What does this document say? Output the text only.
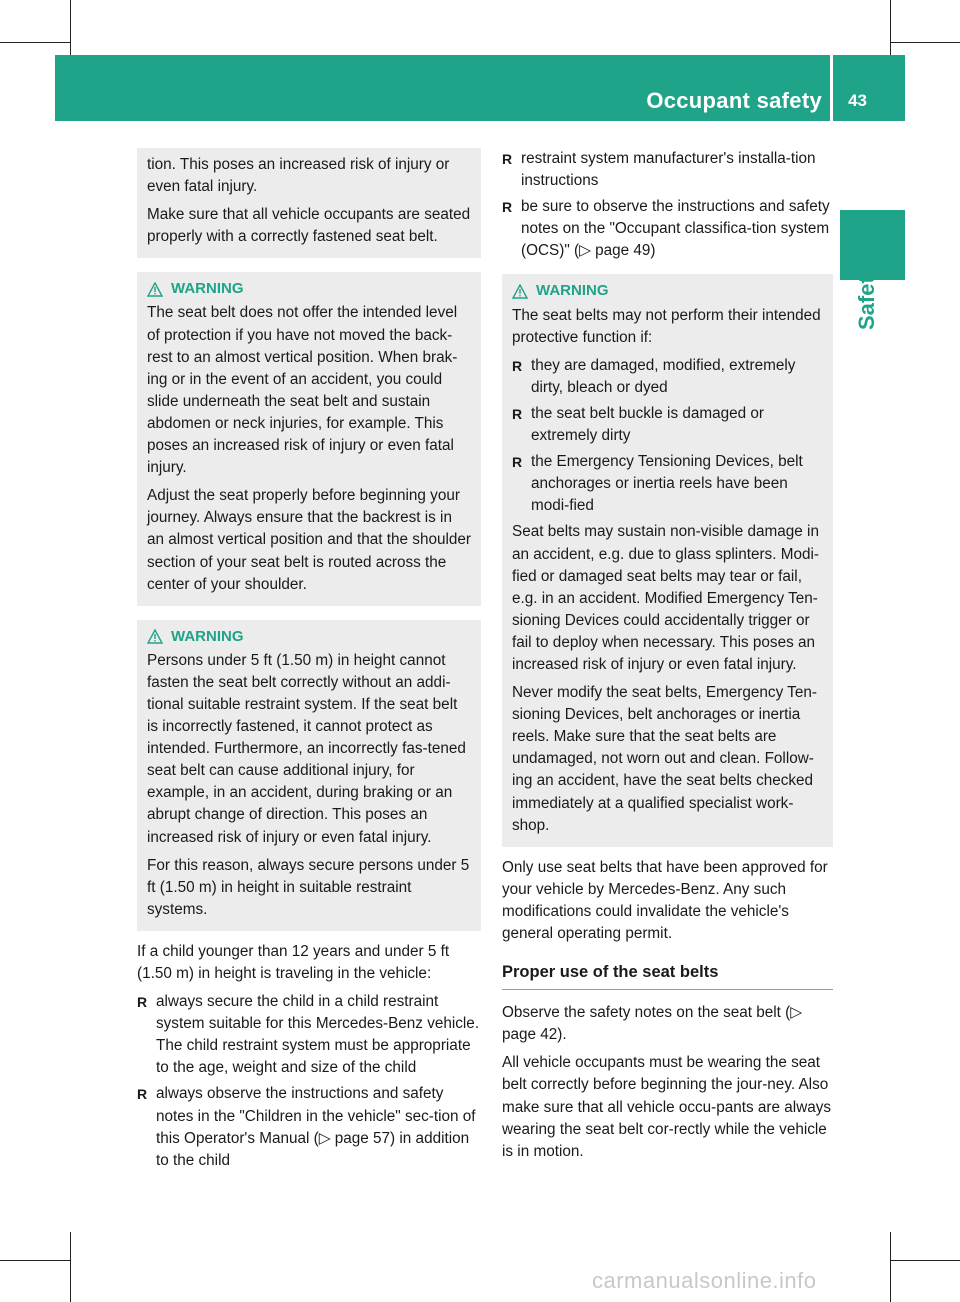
Occupant safety 43
Safety

tion. This poses an increased risk of injury or even fatal injury.

Make sure that all vehicle occupants are seated properly with a correctly fastened seat belt.

WARNING

The seat belt does not offer the intended level of protection if you have not moved the back-rest to an almost vertical position. When brak-ing or in the event of an accident, you could slide underneath the seat belt and sustain abdomen or neck injuries, for example. This poses an increased risk of injury or even fatal injury.

Adjust the seat properly before beginning your journey. Always ensure that the backrest is in an almost vertical position and that the shoulder section of your seat belt is routed across the center of your shoulder.

WARNING

Persons under 5 ft (1.50 m) in height cannot fasten the seat belt correctly without an addi-tional suitable restraint system. If the seat belt is incorrectly fastened, it cannot protect as intended. Furthermore, an incorrectly fas-tened seat belt can cause additional injury, for example, in an accident, during braking or an abrupt change of direction. This poses an increased risk of injury or even fatal injury.

For this reason, always secure persons under 5 ft (1.50 m) in height in suitable restraint systems.

If a child younger than 12 years and under 5 ft (1.50 m) in height is traveling in the vehicle:

R always secure the child in a child restraint system suitable for this Mercedes-Benz vehicle. The child restraint system must be appropriate to the age, weight and size of the child
R always observe the instructions and safety notes in the "Children in the vehicle" sec-tion of this Operator's Manual (▷ page 57) in addition to the child
R restraint system manufacturer's installa-tion instructions
R be sure to observe the instructions and safety notes on the "Occupant classifica-tion system (OCS)" (▷ page 49)
WARNING

The seat belts may not perform their intended protective function if:

R they are damaged, modified, extremely dirty, bleach or dyed
R the seat belt buckle is damaged or extremely dirty
R the Emergency Tensioning Devices, belt anchorages or inertia reels have been modi-fied

Seat belts may sustain non-visible damage in an accident, e.g. due to glass splinters. Modi-fied or damaged seat belts may tear or fail, e.g. in an accident. Modified Emergency Ten-sioning Devices could accidentally trigger or fail to deploy when necessary. This poses an increased risk of injury or even fatal injury.

Never modify the seat belts, Emergency Ten-sioning Devices, belt anchorages or inertia reels. Make sure that the seat belts are undamaged, not worn out and clean. Follow-ing an accident, have the seat belts checked immediately at a qualified specialist work-shop.

Only use seat belts that have been approved for your vehicle by Mercedes-Benz. Any such modifications could invalidate the vehicle's general operating permit.

Proper use of the seat belts

Observe the safety notes on the seat belt (▷ page 42).

All vehicle occupants must be wearing the seat belt correctly before beginning the jour-ney. Also make sure that all vehicle occu-pants are always wearing the seat belt cor-rectly while the vehicle is in motion.

carmanualsonline.info
